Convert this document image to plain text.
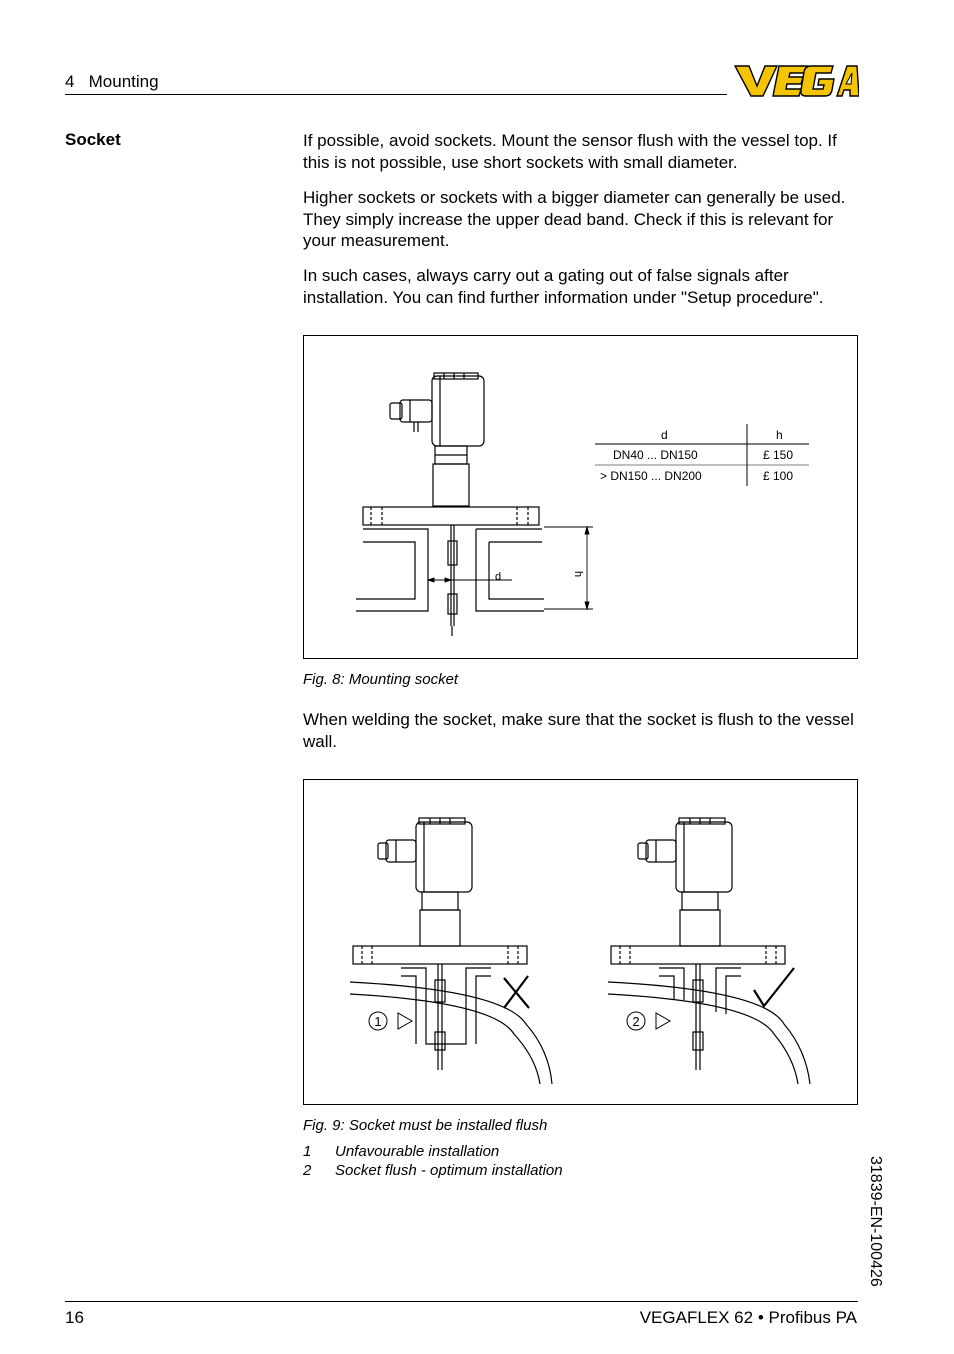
4   Mounting
Socket	If possible, avoid sockets. Mount the sensor flush with the vessel top. If this is not possible, use short sockets with small diameter.

Higher sockets or sockets with a bigger diameter can generally be used. They simply increase the upper dead band. Check if this is relevant for your measurement.

In such cases, always carry out a gating out of false signals after installation. You can find further information under "Setup procedure".

d	h
d	h
DN40 ... DN150	£ 150
> DN150 ... DN200	£ 100
Fig. 8: Mounting socket

When welding the socket, make sure that the socket is flush to the vessel wall.

1	2
Fig. 9: Socket must be installed flush
1 Unfavourable installation
2 Socket flush - optimum installation	31839-EN-100426
16	VEGAFLEX 62 • Profibus PA
